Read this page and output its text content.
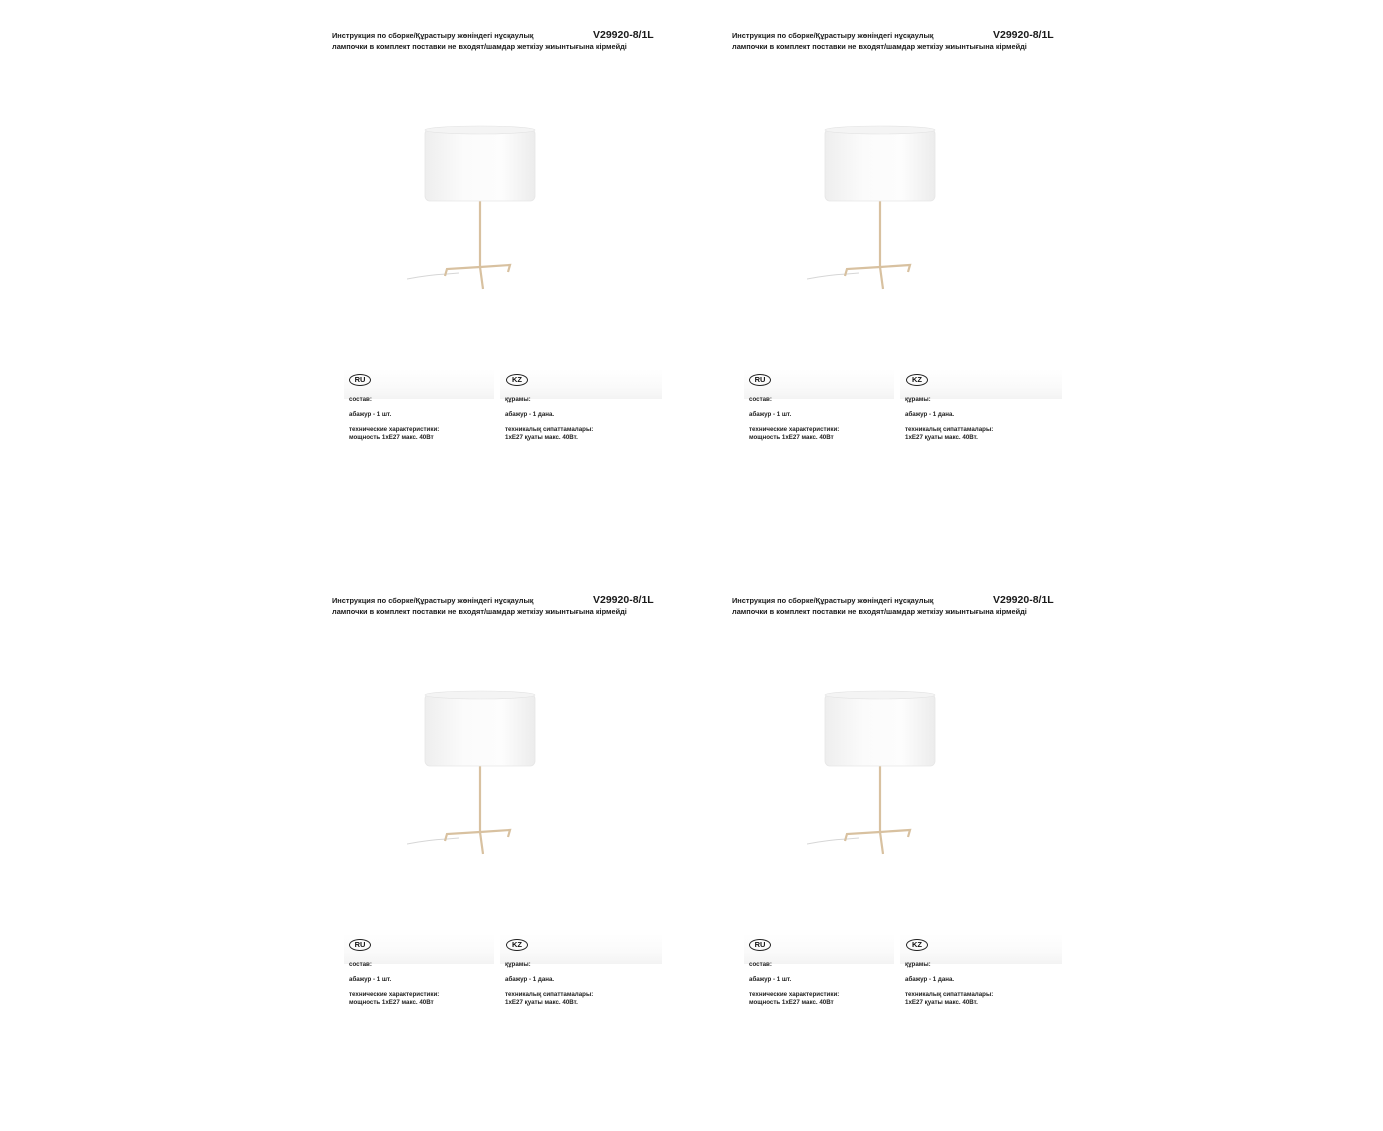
Инструкция по сборке/Құрастыру жөніндегі нұсқаулық
лампочки в комплект поставки не входят/шамдар жеткізу жиынтығына кірмейді
V29920-8/1L
RU	KZ
состав:
абажур - 1 шт.
технические характеристики:
мощность 1xE27 макс. 40Вт
құрамы:
абажур - 1 дана.
техникалық сипаттамалары:
1xE27 қуаты макс. 40Вт.
Инструкция по сборке/Құрастыру жөніндегі нұсқаулық
лампочки в комплект поставки не входят/шамдар жеткізу жиынтығына кірмейді
V29920-8/1L
RU	KZ
состав:
абажур - 1 шт.
технические характеристики:
мощность 1xE27 макс. 40Вт
құрамы:
абажур - 1 дана.
техникалық сипаттамалары:
1xE27 қуаты макс. 40Вт.
Инструкция по сборке/Құрастыру жөніндегі нұсқаулық
лампочки в комплект поставки не входят/шамдар жеткізу жиынтығына кірмейді
V29920-8/1L
RU	KZ
состав:
абажур - 1 шт.
технические характеристики:
мощность 1xE27 макс. 40Вт
құрамы:
абажур - 1 дана.
техникалық сипаттамалары:
1xE27 қуаты макс. 40Вт.
Инструкция по сборке/Құрастыру жөніндегі нұсқаулық
лампочки в комплект поставки не входят/шамдар жеткізу жиынтығына кірмейді
V29920-8/1L
RU	KZ
состав:
абажур - 1 шт.
технические характеристики:
мощность 1xE27 макс. 40Вт
құрамы:
абажур - 1 дана.
техникалық сипаттамалары:
1xE27 қуаты макс. 40Вт.
